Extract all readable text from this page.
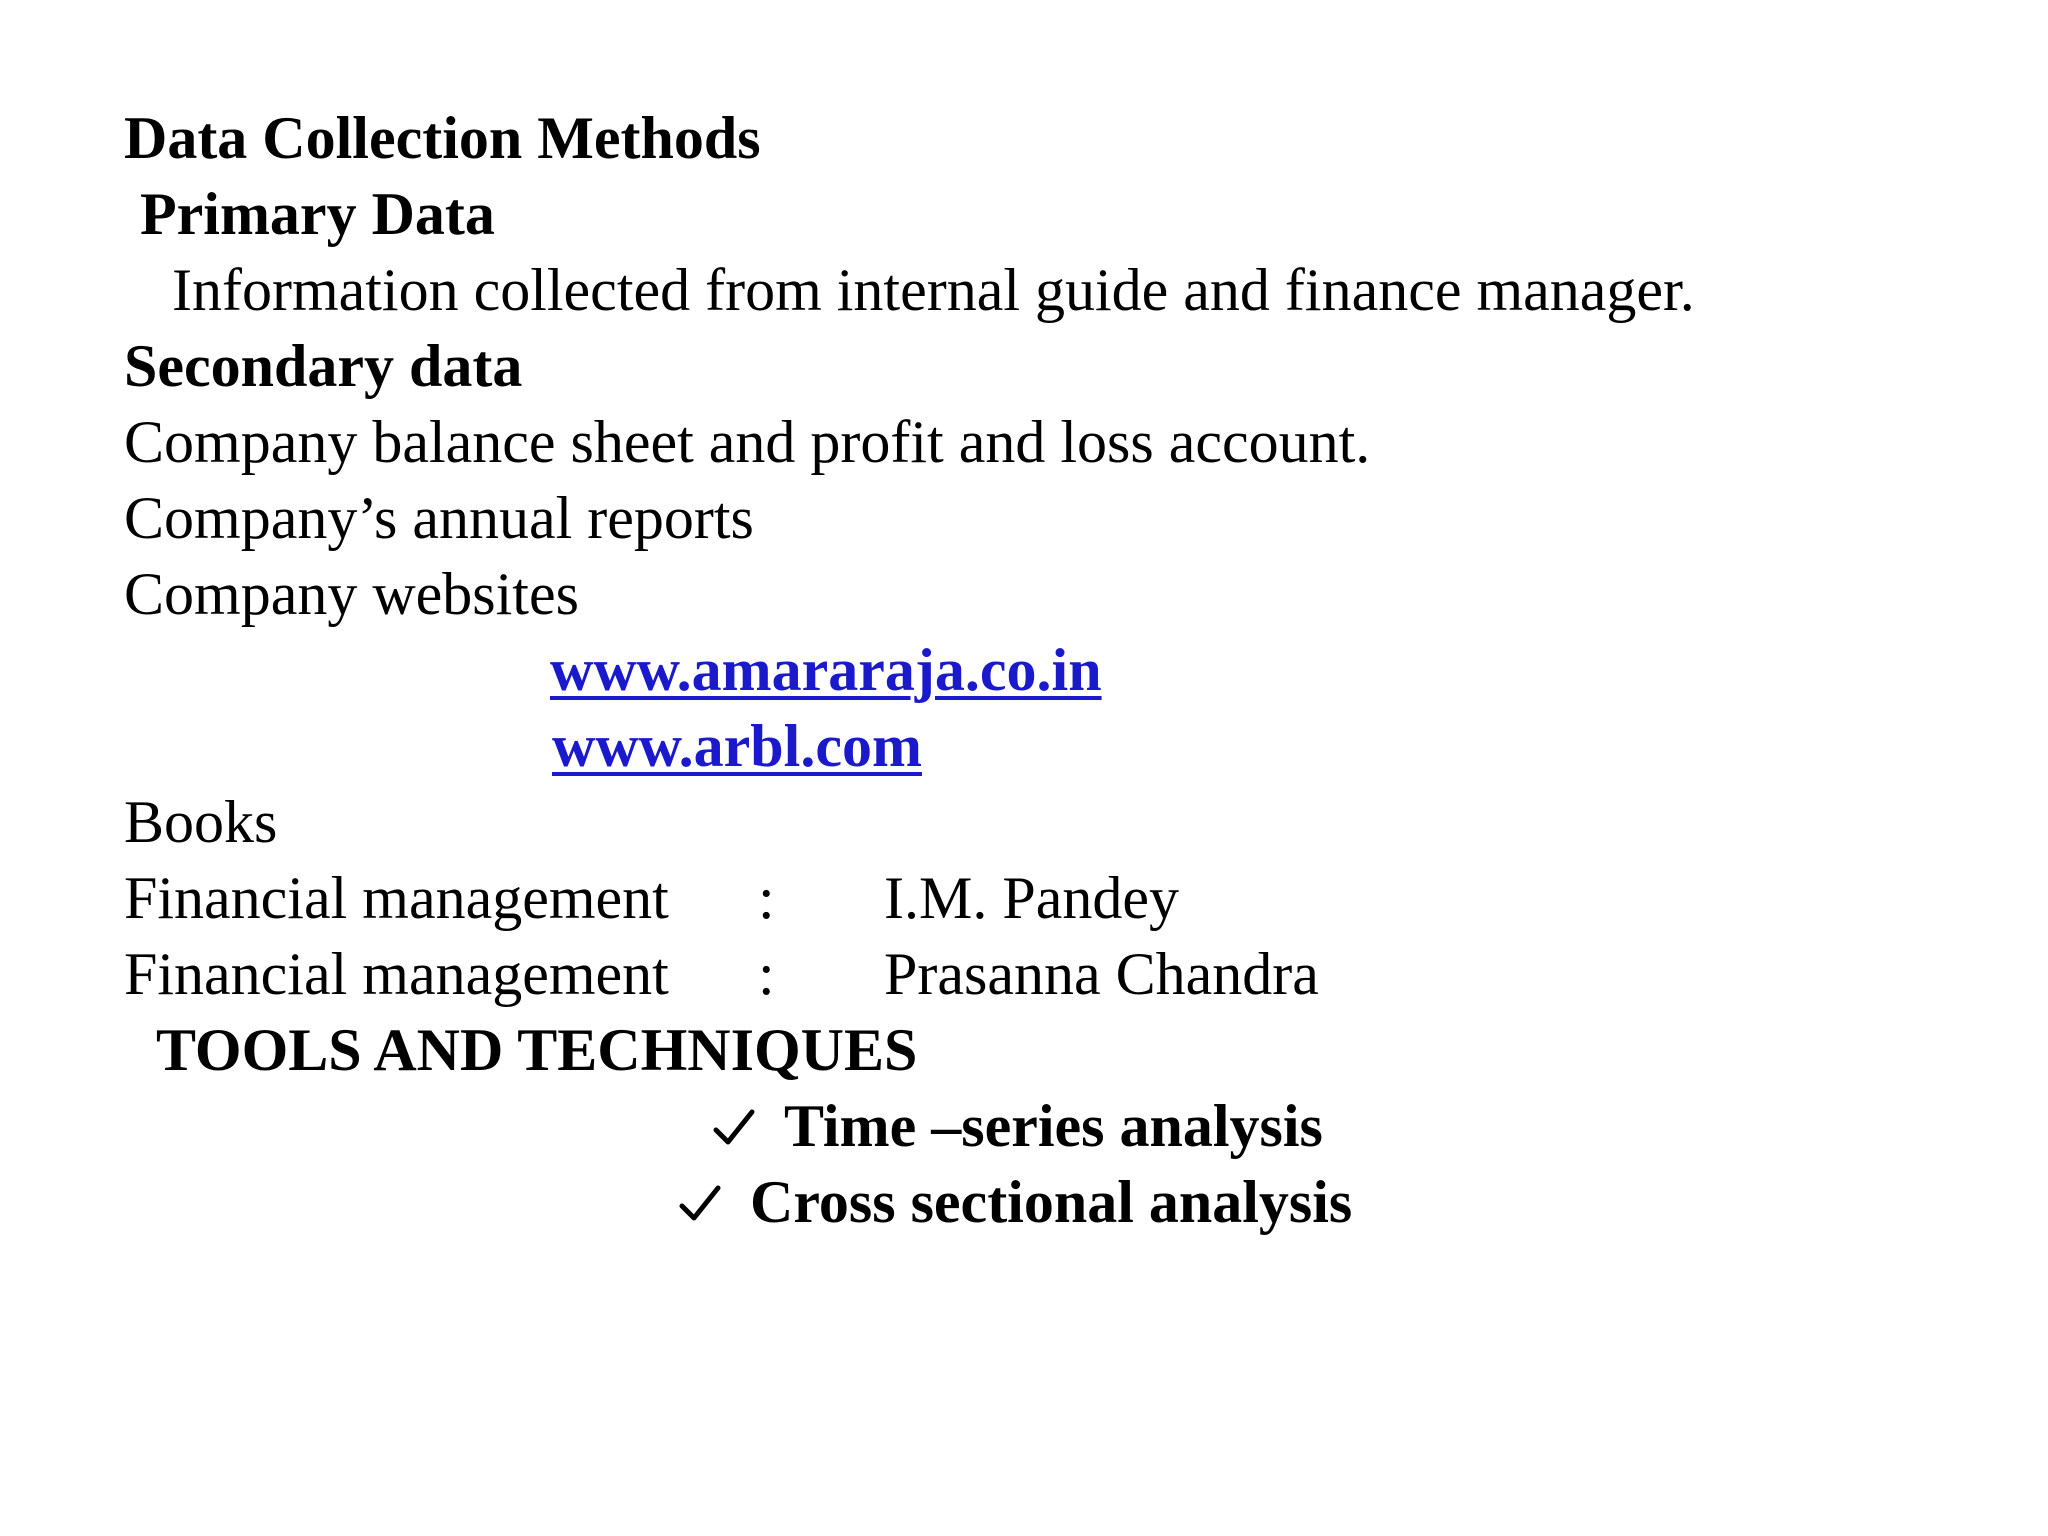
Data Collection Methods
Primary Data
Information collected from internal guide and finance manager.
Secondary data
Company balance sheet and profit and loss account.
Company’s annual reports
Company websites
www.amararaja.co.in
www.arbl.com
Books
Financial management : I.M. Pandey
Financial management : Prasanna Chandra
TOOLS AND TECHNIQUES
Time –series analysis
Cross sectional analysis
